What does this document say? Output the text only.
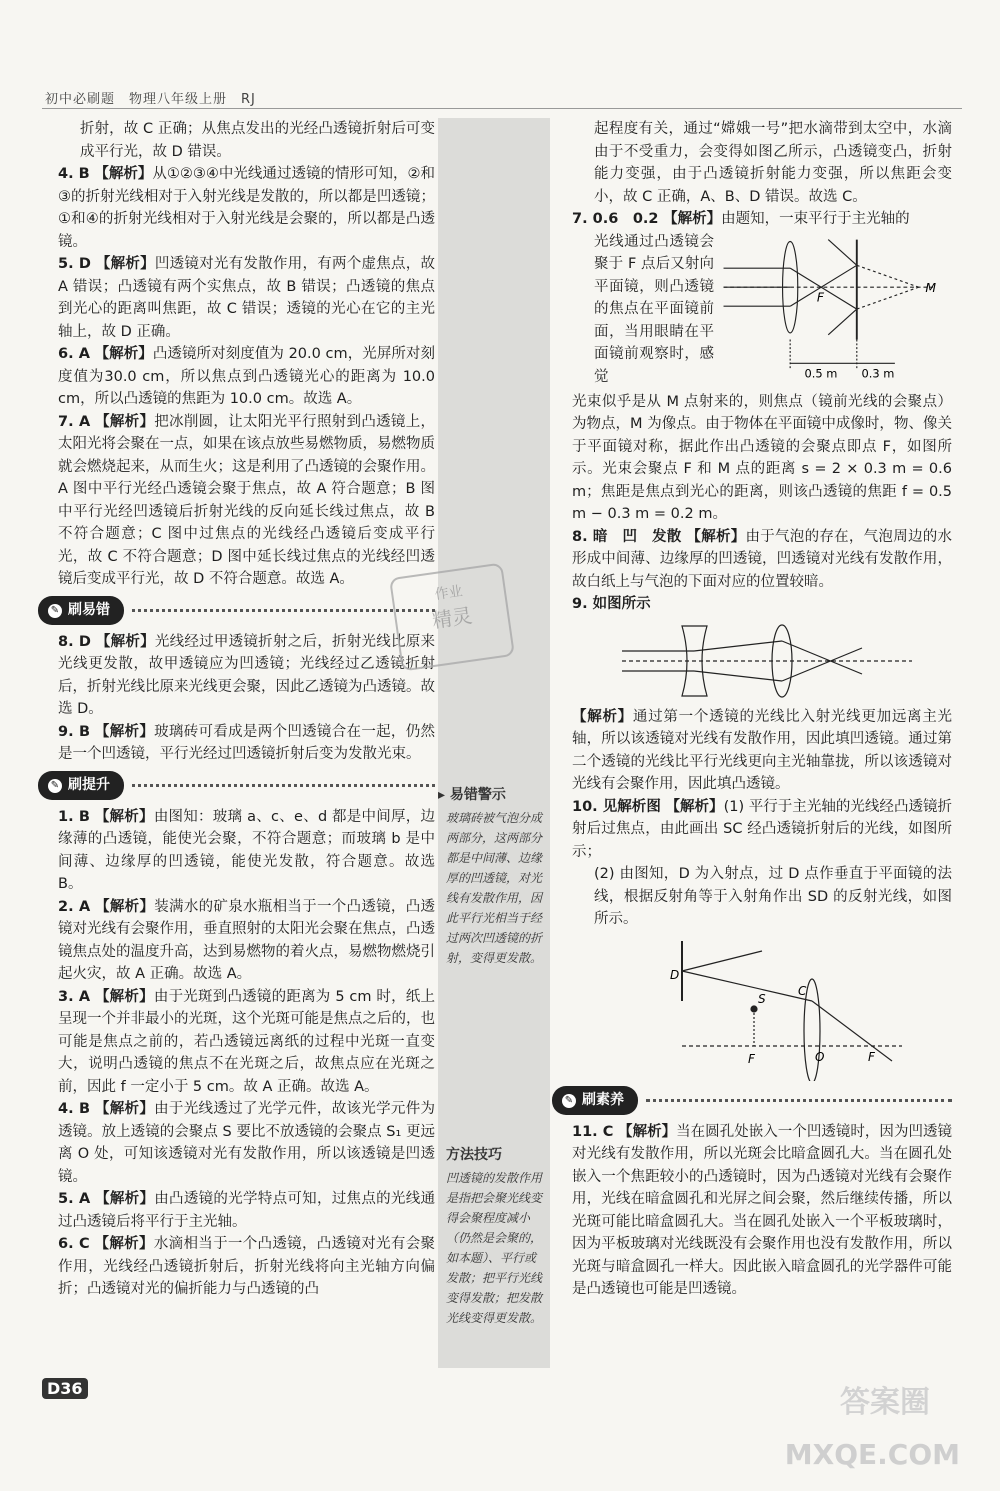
初中必刷题　物理八年级上册　RJ

折射，故 C 正确；从焦点发出的光经凸透镜折射后可变成平行光，故 D 错误。

4. B 【解析】从①②③④中光线通过透镜的情形可知，②和③的折射光线相对于入射光线是发散的，所以都是凹透镜；①和④的折射光线相对于入射光线是会聚的，所以都是凸透镜。

5. D 【解析】凹透镜对光有发散作用，有两个虚焦点，故 A 错误；凸透镜有两个实焦点，故 B 错误；凸透镜的焦点到光心的距离叫焦距，故 C 错误；透镜的光心在它的主光轴上，故 D 正确。

6. A 【解析】凸透镜所对刻度值为 20.0 cm，光屏所对刻度值为30.0 cm，所以焦点到凸透镜光心的距离为 10.0 cm，所以凸透镜的焦距为 10.0 cm。故选 A。

7. A 【解析】把冰削圆，让太阳光平行照射到凸透镜上，太阳光将会聚在一点，如果在该点放些易燃物质，易燃物质就会燃烧起来，从而生火；这是利用了凸透镜的会聚作用。A 图中平行光经凸透镜会聚于焦点，故 A 符合题意；B 图中平行光经凹透镜后折射光线的反向延长线过焦点，故 B 不符合题意；C 图中过焦点的光线经凸透镜后变成平行光，故 C 不符合题意；D 图中延长线过焦点的光线经凹透镜后变成平行光，故 D 不符合题意。故选 A。

✎ 刷易错

8. D 【解析】光线经过甲透镜折射之后，折射光线比原来光线更发散，故甲透镜应为凹透镜；光线经过乙透镜折射后，折射光线比原来光线更会聚，因此乙透镜为凸透镜。故选 D。

9. B 【解析】玻璃砖可看成是两个凹透镜合在一起，仍然是一个凹透镜，平行光经过凹透镜折射后变为发散光束。

✎ 刷提升

1. B 【解析】由图知：玻璃 a、c、e、d 都是中间厚，边缘薄的凸透镜，能使光会聚，不符合题意；而玻璃 b 是中间薄、边缘厚的凹透镜，能使光发散，符合题意。故选 B。

2. A 【解析】装满水的矿泉水瓶相当于一个凸透镜，凸透镜对光线有会聚作用，垂直照射的太阳光会聚在焦点，凸透镜焦点处的温度升高，达到易燃物的着火点，易燃物燃烧引起火灾，故 A 正确。故选 A。

3. A 【解析】由于光斑到凸透镜的距离为 5 cm 时，纸上呈现一个并非最小的光斑，这个光斑可能是焦点之后的，也可能是焦点之前的，若凸透镜远离纸的过程中光斑一直变大，说明凸透镜的焦点不在光斑之后，故焦点应在光斑之前，因此 f 一定小于 5 cm。故 A 正确。故选 A。

4. B 【解析】由于光线透过了光学元件，故该光学元件为透镜。放上透镜的会聚点 S 要比不放透镜的会聚点 S₁ 更远离 O 处，可知该透镜对光有发散作用，所以该透镜是凹透镜。

5. A 【解析】由凸透镜的光学特点可知，过焦点的光线通过凸透镜后将平行于主光轴。

6. C 【解析】水滴相当于一个凸透镜，凸透镜对光有会聚作用，光线经凸透镜折射后，折射光线将向主光轴方向偏折；凸透镜对光的偏折能力与凸透镜的凸

▸ 易错警示
玻璃砖被气泡分成两部分，这两部分都是中间薄、边缘厚的凹透镜，对光线有发散作用，因此平行光相当于经过两次凹透镜的折射，变得更发散。
方法技巧
凹透镜的发散作用是指把会聚光线变得会聚程度减小（仍然是会聚的，如本题）、平行或发散；把平行光线变得发散；把发散光线变得更发散。
作业
精灵

起程度有关，通过“嫦娥一号”把水滴带到太空中，水滴由于不受重力，会变得如图乙所示，凸透镜变凸，折射能力变强，由于凸透镜折射能力变强，所以焦距会变小，故 C 正确，A、B、D 错误。故选 C。

7. 0.6　0.2 【解析】由题知，一束平行于主光轴的

光线通过凸透镜会聚于 F 点后又射向平面镜，则凸透镜的焦点在平面镜前面，当用眼睛在平面镜前观察时，感觉

M
F
0.5 m 0.3 m

光束似乎是从 M 点射来的，则焦点（镜前光线的会聚点）为物点，M 为像点。由于物体在平面镜中成像时，物、像关于平面镜对称，据此作出凸透镜的会聚点即点 F，如图所示。光束会聚点 F 和 M 点的距离 s = 2 × 0.3 m = 0.6 m；焦距是焦点到光心的距离，则该凸透镜的焦距 f = 0.5 m − 0.3 m = 0.2 m。

8. 暗　凹　发散 【解析】由于气泡的存在，气泡周边的水形成中间薄、边缘厚的凹透镜，凹透镜对光线有发散作用，故白纸上与气泡的下面对应的位置较暗。

9. 如图所示

【解析】通过第一个透镜的光线比入射光线更加远离主光轴，所以该透镜对光线有发散作用，因此填凹透镜。通过第二个透镜的光线比平行光线更向主光轴靠拢，所以该透镜对光线有会聚作用，因此填凸透镜。

10. 见解析图 【解析】(1) 平行于主光轴的光线经凸透镜折射后过焦点，由此画出 SC 经凸透镜折射后的光线，如图所示；

(2) 由图知，D 为入射点，过 D 点作垂直于平面镜的法线，根据反射角等于入射角作出 SD 的反射光线，如图所示。

D
S
C
O
F	F
✎ 刷素养

11. C 【解析】当在圆孔处嵌入一个凹透镜时，因为凹透镜对光线有发散作用，所以光斑会比暗盒圆孔大。当在圆孔处嵌入一个焦距较小的凸透镜时，因为凸透镜对光线有会聚作用，光线在暗盒圆孔和光屏之间会聚，然后继续传播，所以光斑可能比暗盒圆孔大。当在圆孔处嵌入一个平板玻璃时，因为平板玻璃对光线既没有会聚作用也没有发散作用，所以光斑与暗盒圆孔一样大。因此嵌入暗盒圆孔的光学器件可能是凸透镜也可能是凹透镜。

D36	答案圈
MXQE.COM
